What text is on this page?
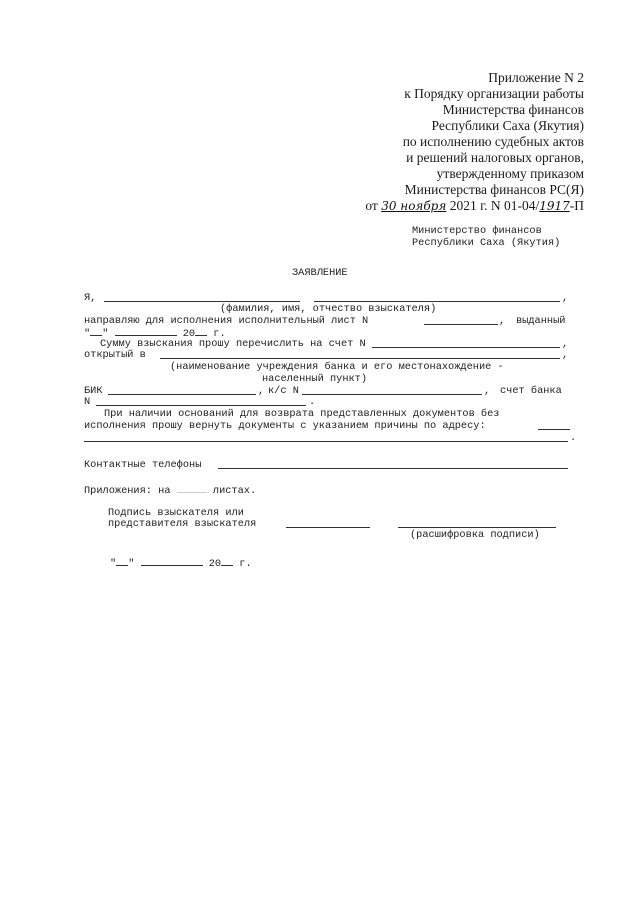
Приложение N 2
к Порядку организации работы
Министерства финансов
Республики Саха (Якутия)
по исполнению судебных актов
и решений налоговых органов,
утвержденному приказом
Министерства финансов РС(Я)
от 30 ноября 2021 г. N 01-04/1917-П
Министерство финансов
Республики Саха (Якутия)
ЗАЯВЛЕНИЕ
Я,	,
(фамилия, имя, отчество взыскателя)
направляю для исполнения исполнительный лист N	, выданный
" "	20 г.
Сумму взыскания прошу перечислить на счет N	,
открытый в	,
(наименование учреждения банка и его местонахождение -
населенный пункт)
БИК	, к/с N	, счет банка
N	.
При наличии оснований для возврата представленных документов без
исполнения прошу вернуть документы с указанием причины по адресу:
.
Контактные телефоны
Приложения: на	листах.
Подпись взыскателя или
представителя взыскателя
(расшифровка подписи)
" "	20 г.
